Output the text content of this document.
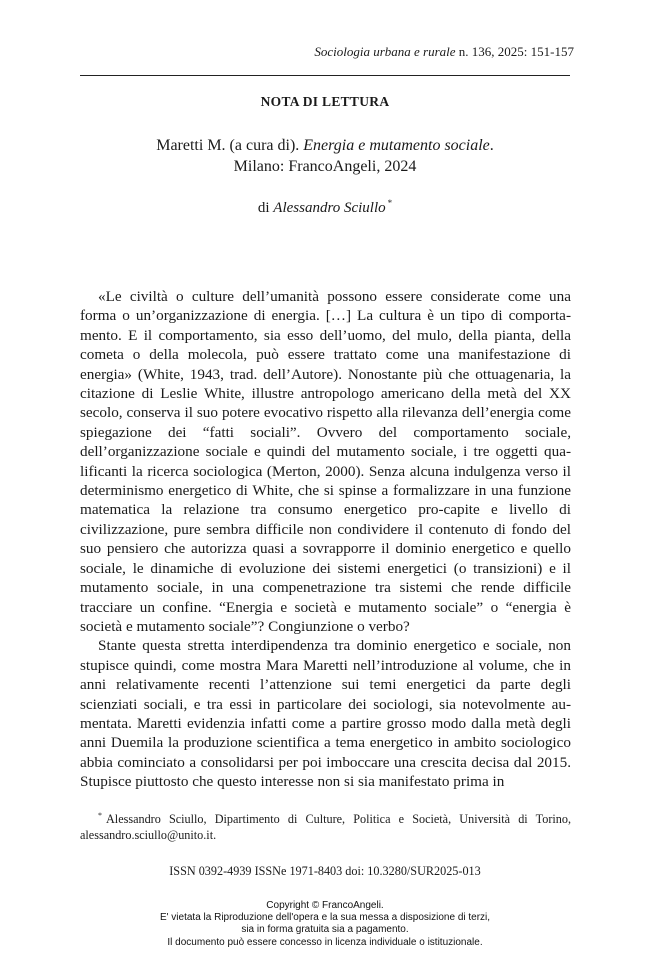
Sociologia urbana e rurale n. 136, 2025: 151-157
NOTA DI LETTURA
Maretti M. (a cura di). Energia e mutamento sociale.
Milano: FrancoAngeli, 2024
di Alessandro Sciullo *

«Le civiltà o culture dell’umanità possono essere considerate come una forma o un’organizzazione di energia. […] La cultura è un tipo di comportamento. E il comportamento, sia esso dell’uomo, del mulo, della pianta, della cometa o della molecola, può essere trattato come una manifestazione di energia» (White, 1943, trad. dell’Autore). Nonostante più che ottuagenaria, la citazione di Leslie White, illustre antropologo americano della metà del XX secolo, conserva il suo potere evocativo rispetto alla rilevanza dell’energia come spiegazione dei “fatti sociali”. Ovvero del comportamento sociale, dell’organizzazione sociale e quindi del mutamento sociale, i tre oggetti qualificanti la ricerca sociologica (Merton, 2000). Senza alcuna indulgenza verso il determinismo energetico di White, che si spinse a formalizzare in una funzione matematica la relazione tra consumo energetico pro-capite e livello di civilizzazione, pure sembra difficile non condividere il contenuto di fondo del suo pensiero che autorizza quasi a sovrapporre il dominio energetico e quello sociale, le dinamiche di evoluzione dei sistemi energetici (o transizioni) e il mutamento sociale, in una compenetrazione tra sistemi che rende difficile tracciare un confine. “Energia e società e mutamento sociale” o “energia è società e mutamento sociale”? Congiunzione o verbo?

Stante questa stretta interdipendenza tra dominio energetico e sociale, non stupisce quindi, come mostra Mara Maretti nell’introduzione al volume, che in anni relativamente recenti l’attenzione sui temi energetici da parte degli scienziati sociali, e tra essi in particolare dei sociologi, sia notevolmente aumentata. Maretti evidenzia infatti come a partire grosso modo dalla metà degli anni Duemila la produzione scientifica a tema energetico in ambito sociologico abbia cominciato a consolidarsi per poi imboccare una crescita decisa dal 2015. Stupisce piuttosto che questo interesse non si sia manifestato prima in

* Alessandro Sciullo, Dipartimento di Culture, Politica e Società, Università di Torino, alessandro.sciullo@unito.it.

ISSN 0392-4939 ISSNe 1971-8403 doi: 10.3280/SUR2025-013
Copyright © FrancoAngeli.
E' vietata la Riproduzione dell'opera e la sua messa a disposizione di terzi,
sia in forma gratuita sia a pagamento.
Il documento può essere concesso in licenza individuale o istituzionale.
